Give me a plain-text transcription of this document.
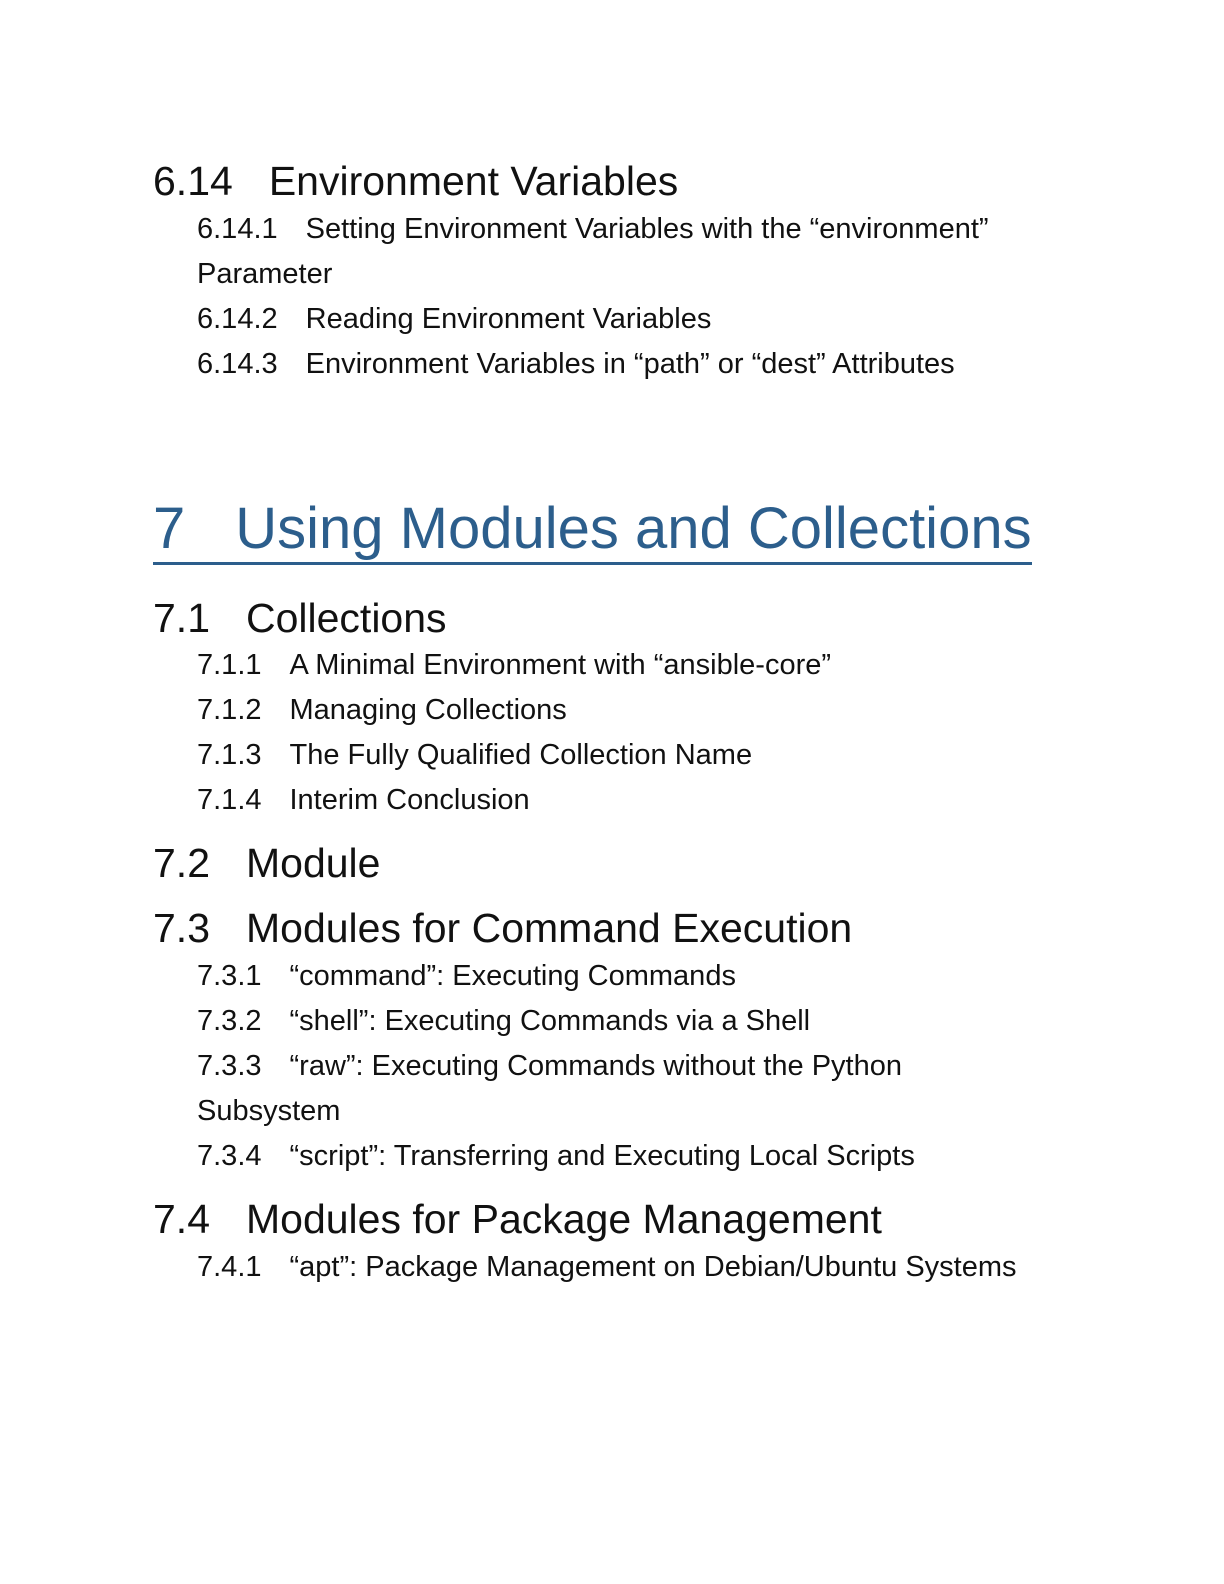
6.14 Environment Variables
6.14.1 Setting Environment Variables with the “environment” Parameter
6.14.2 Reading Environment Variables
6.14.3 Environment Variables in “path” or “dest” Attributes
7 Using Modules and Collections
7.1 Collections
7.1.1 A Minimal Environment with “ansible-core”
7.1.2 Managing Collections
7.1.3 The Fully Qualified Collection Name
7.1.4 Interim Conclusion
7.2 Module
7.3 Modules for Command Execution
7.3.1 “command”: Executing Commands
7.3.2 “shell”: Executing Commands via a Shell
7.3.3 “raw”: Executing Commands without the Python Subsystem
7.3.4 “script”: Transferring and Executing Local Scripts
7.4 Modules for Package Management
7.4.1 “apt”: Package Management on Debian/Ubuntu Systems
